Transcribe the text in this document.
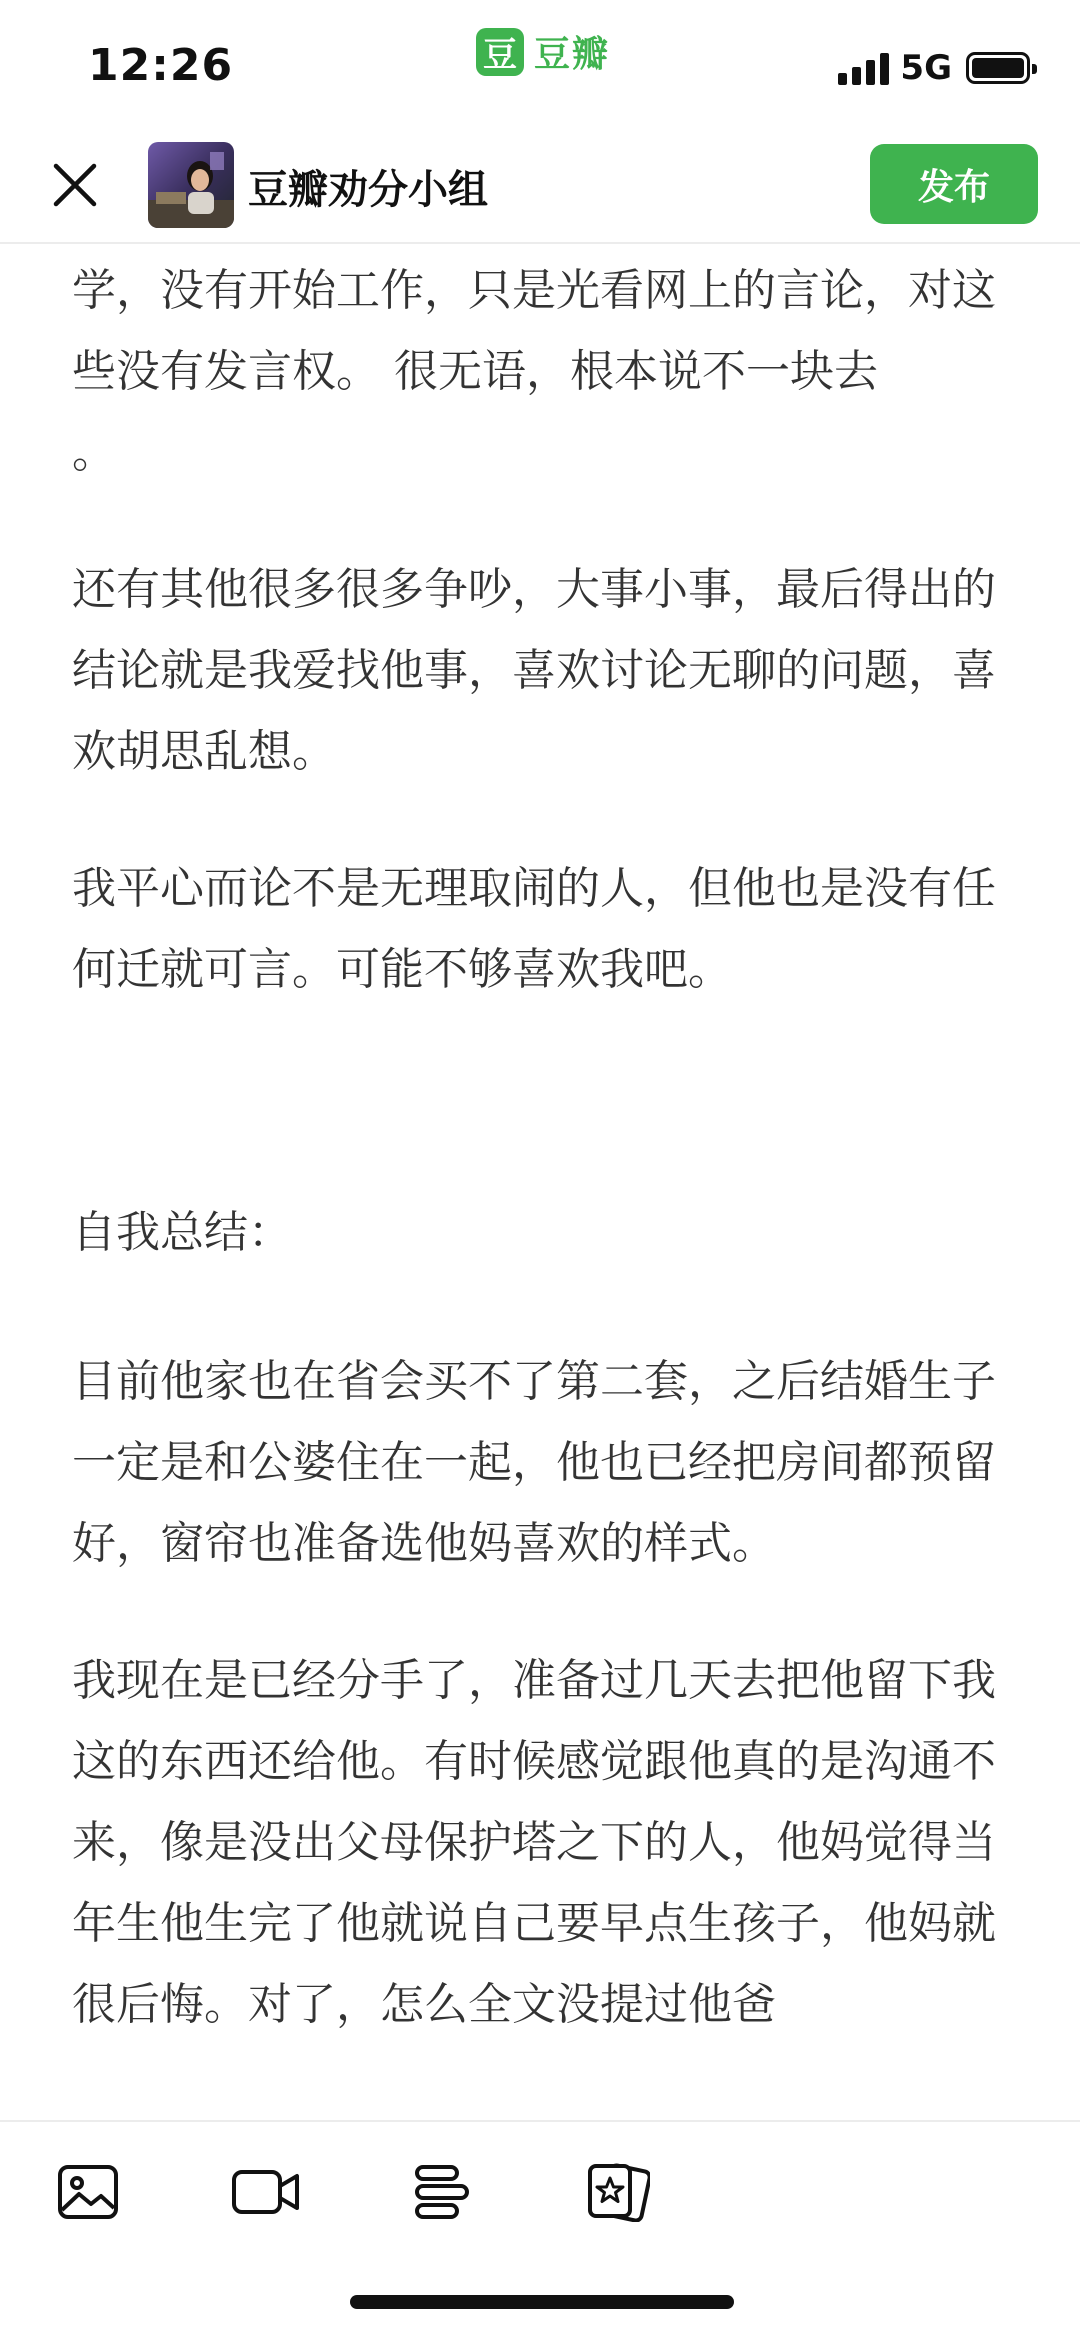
12:26	豆 豆瓣	5G
豆瓣劝分小组	发布

学，没有开始工作，只是光看网上的言论，对这些没有发言权。 很无语，根本说不一块去
。

还有其他很多很多争吵，大事小事，最后得出的结论就是我爱找他事，喜欢讨论无聊的问题，喜欢胡思乱想。

我平心而论不是无理取闹的人，但他也是没有任何迁就可言。可能不够喜欢我吧。

自我总结：

目前他家也在省会买不了第二套，之后结婚生子一定是和公婆住在一起，他也已经把房间都预留好，窗帘也准备选他妈喜欢的样式。

我现在是已经分手了，准备过几天去把他留下我这的东西还给他。有时候感觉跟他真的是沟通不来，像是没出父母保护塔之下的人，他妈觉得当年生他生完了他就说自己要早点生孩子，他妈就很后悔。对了，怎么全文没提过他爸
